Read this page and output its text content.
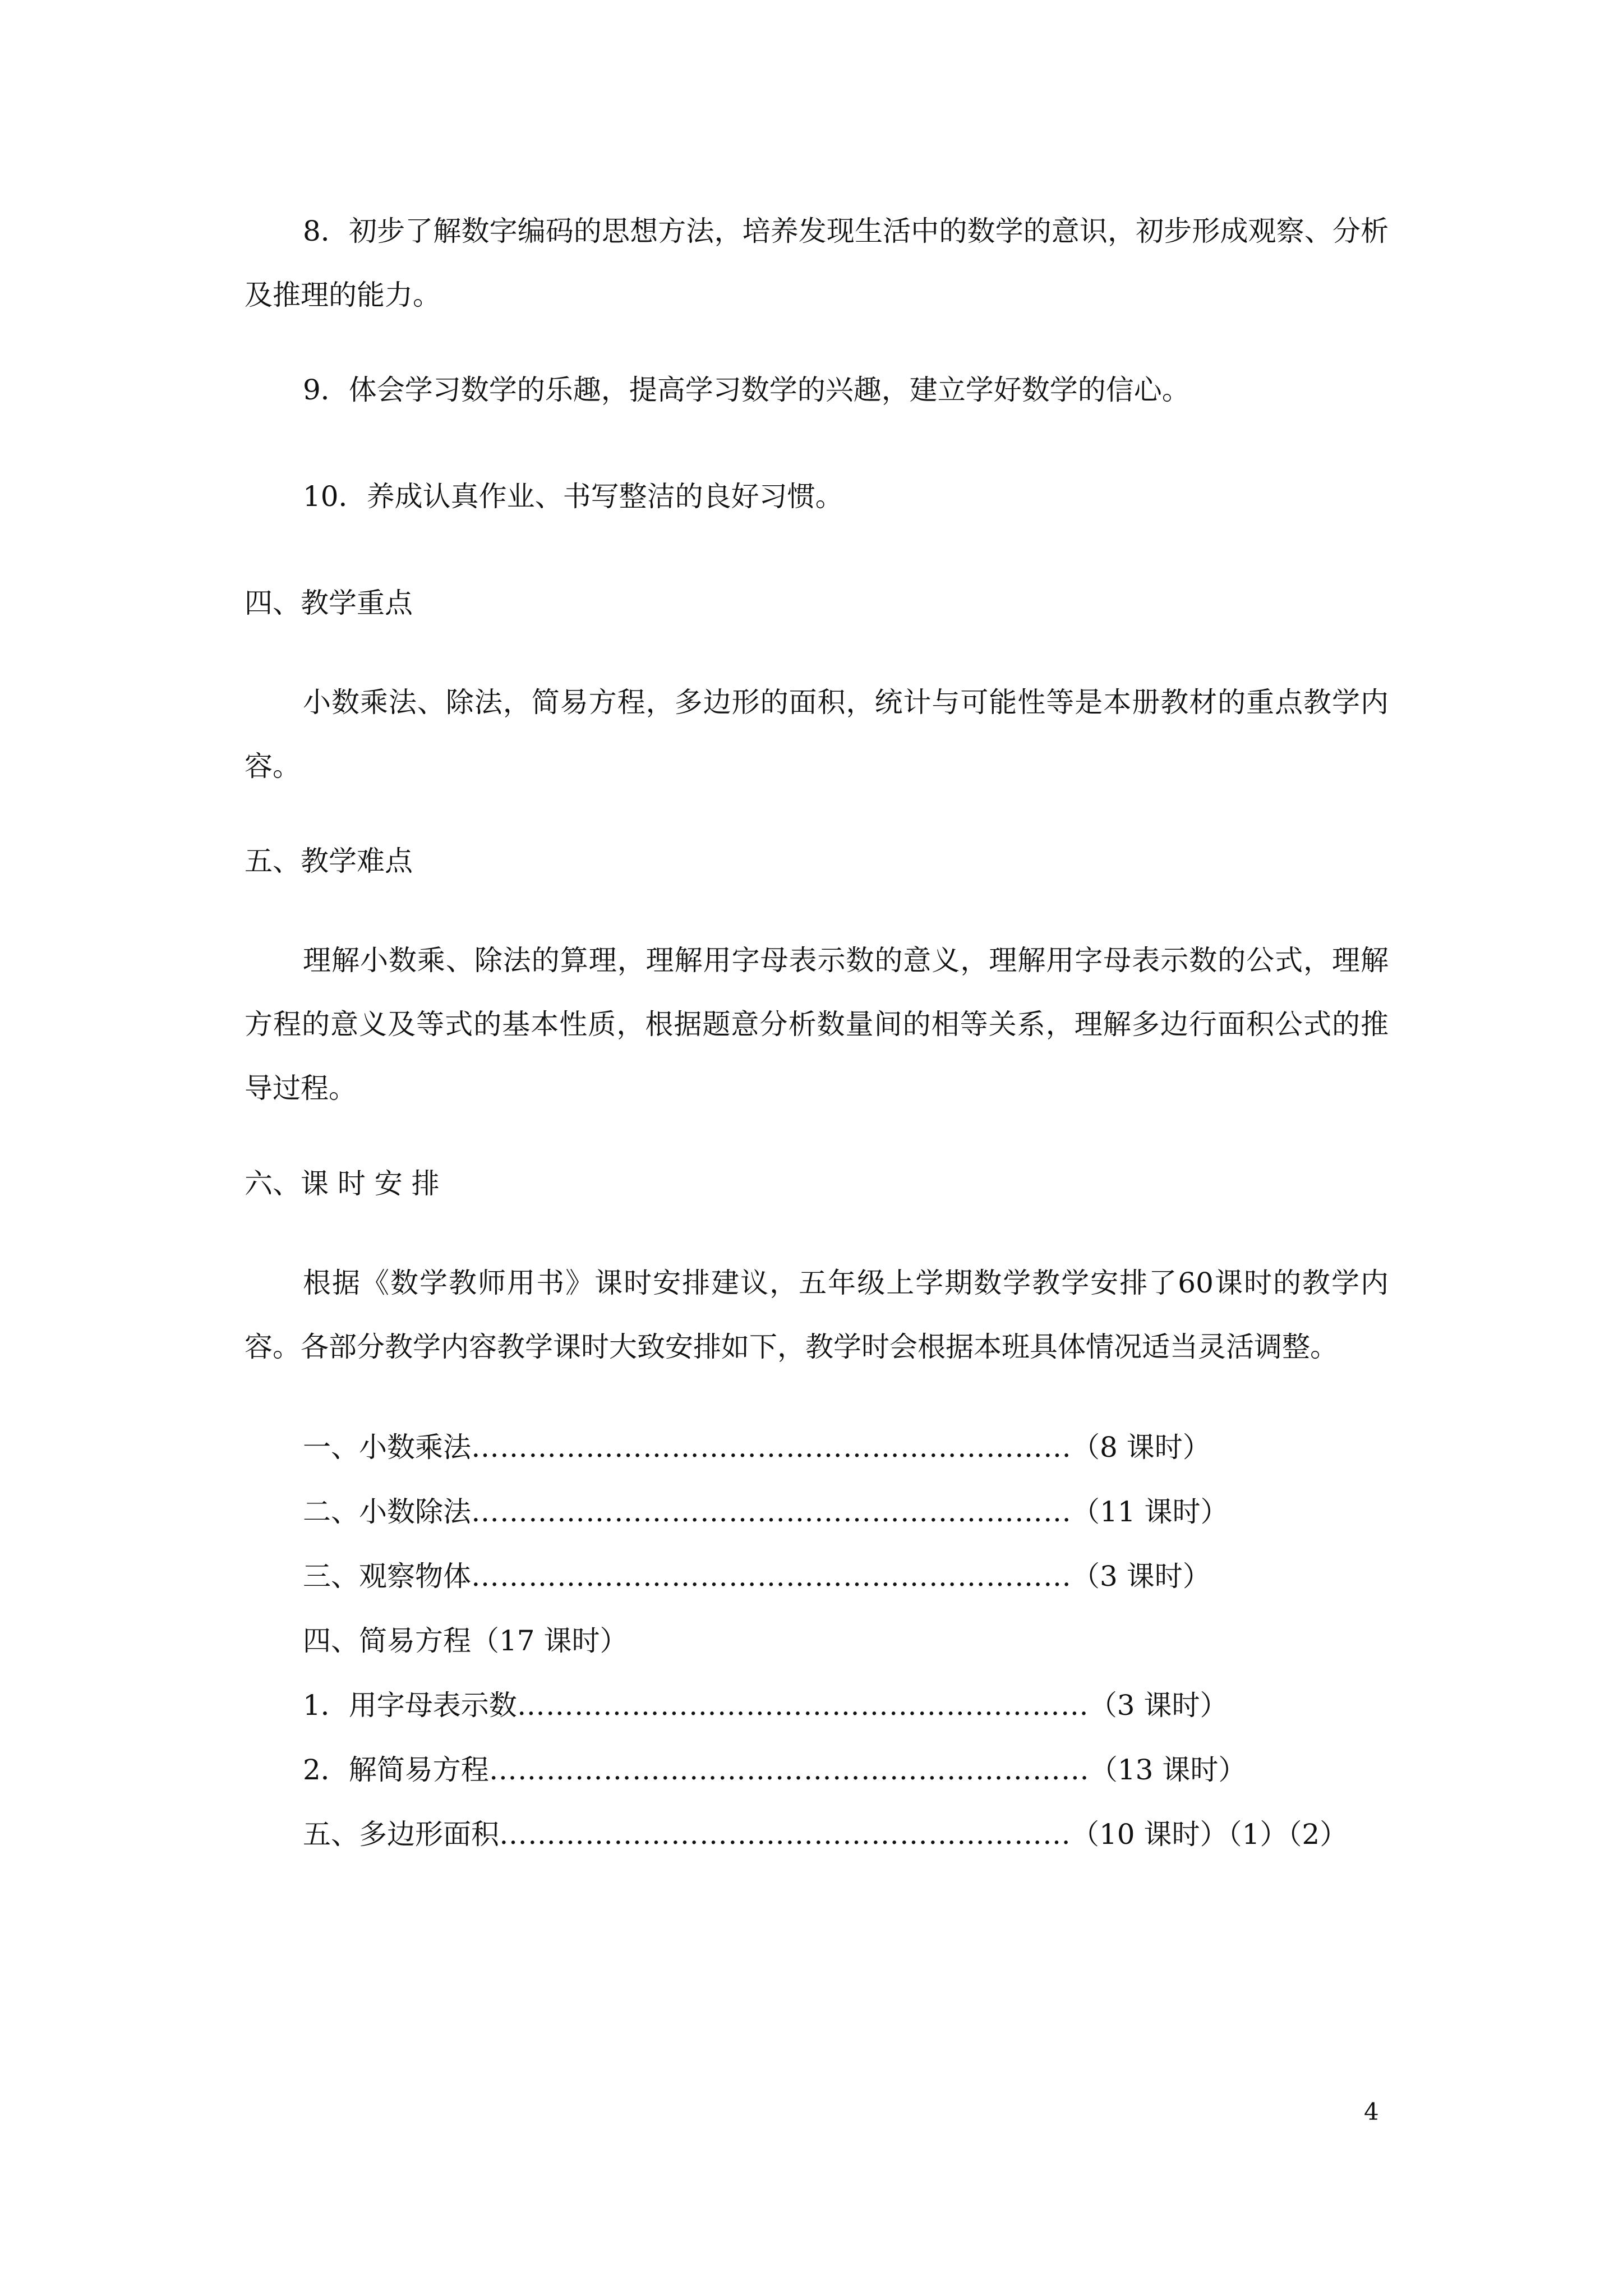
8．初步了解数字编码的思想方法，培养发现生活中的数学的意识，初步形成观察、分析及推理的能力。

9．体会学习数学的乐趣，提高学习数学的兴趣，建立学好数学的信心。

10．养成认真作业、书写整洁的良好习惯。

四、教学重点

小数乘法、除法，简易方程，多边形的面积，统计与可能性等是本册教材的重点教学内容。

五、教学难点

理解小数乘、除法的算理，理解用字母表示数的意义，理解用字母表示数的公式，理解方程的意义及等式的基本性质，根据题意分析数量间的相等关系，理解多边行面积公式的推导过程。

六、课 时 安 排

根据《数学教师用书》课时安排建议，五年级上学期数学教学安排了60课时的教学内容。各部分教学内容教学课时大致安排如下，教学时会根据本班具体情况适当灵活调整。

一、小数乘法………………………………………………………（8 课时）

二、小数除法………………………………………………………（11 课时）

三、观察物体………………………………………………………（3 课时）

四、简易方程（17 课时）

1．用字母表示数……………………………………………………（3 课时）

2．解简易方程………………………………………………………（13 课时）

五、多边形面积……………………………………………………（10 课时）（1）（2）

4
